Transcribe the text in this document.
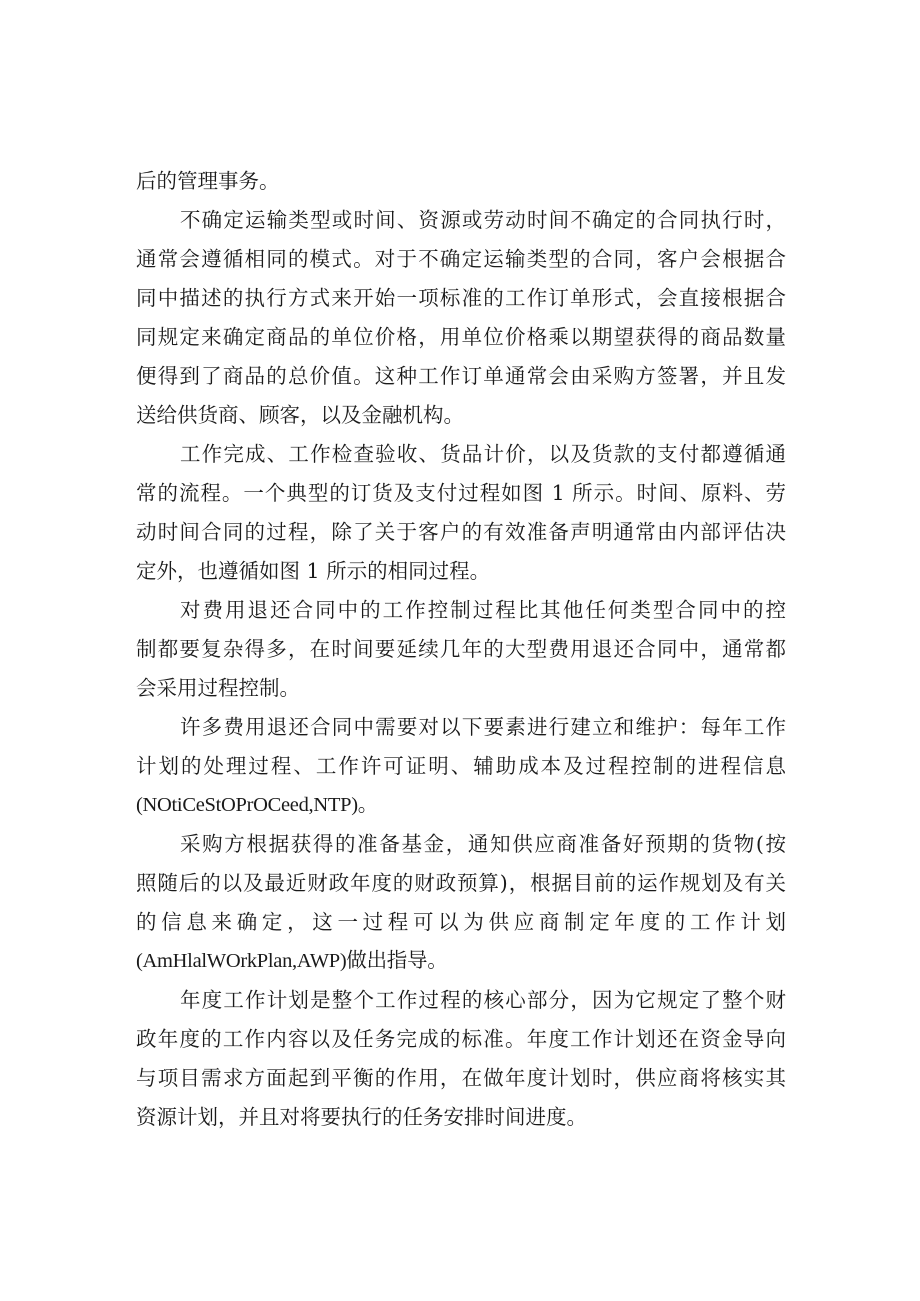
后的管理事务。
不确定运输类型或时间、资源或劳动时间不确定的合同执行时，
通常会遵循相同的模式。对于不确定运输类型的合同，客户会根据合
同中描述的执行方式来开始一项标准的工作订单形式，会直接根据合
同规定来确定商品的单位价格，用单位价格乘以期望获得的商品数量
便得到了商品的总价值。这种工作订单通常会由采购方签署，并且发
送给供货商、顾客，以及金融机构。
工作完成、工作检查验收、货品计价，以及货款的支付都遵循通
常的流程。一个典型的订货及支付过程如图 1 所示。时间、原料、劳
动时间合同的过程，除了关于客户的有效准备声明通常由内部评估决
定外，也遵循如图 1 所示的相同过程。
对费用退还合同中的工作控制过程比其他任何类型合同中的控
制都要复杂得多，在时间要延续几年的大型费用退还合同中，通常都
会采用过程控制。
许多费用退还合同中需要对以下要素进行建立和维护：每年工作
计划的处理过程、工作许可证明、辅助成本及过程控制的进程信息
(NOtiCeStOPrOCeed,NTP)。
采购方根据获得的准备基金，通知供应商准备好预期的货物(按
照随后的以及最近财政年度的财政预算)，根据目前的运作规划及有关
的信息来确定，这一过程可以为供应商制定年度的工作计划
(AmHlalWOrkPlan,AWP)做出指导。
年度工作计划是整个工作过程的核心部分，因为它规定了整个财
政年度的工作内容以及任务完成的标准。年度工作计划还在资金导向
与项目需求方面起到平衡的作用，在做年度计划时，供应商将核实其
资源计划，并且对将要执行的任务安排时间进度。
